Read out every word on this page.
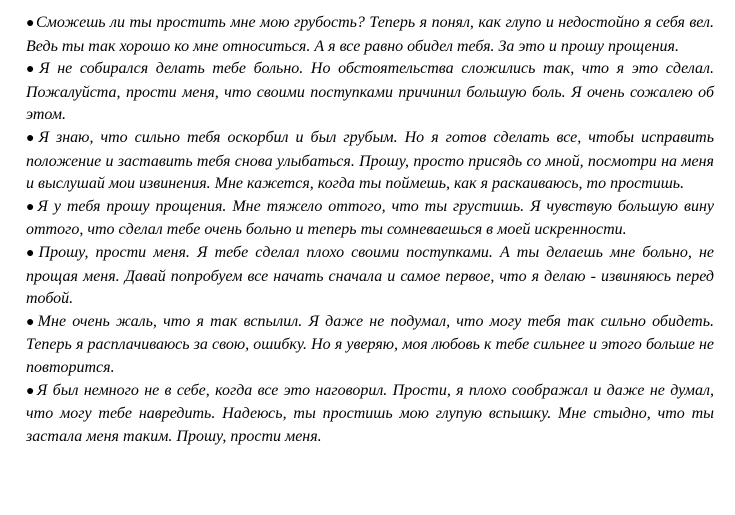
●Сможешь ли ты простить мне мою грубость? Теперь я понял, как глупо и недостойно я себя вел. Ведь ты так хорошо ко мне относиться. А я все равно обидел тебя. За это и прошу прощения.

●Я не собирался делать тебе больно. Но обстоятельства сложились так, что я это сделал. Пожалуйста, прости меня, что своими поступками причинил большую боль. Я очень сожалею об этом.

●Я знаю, что сильно тебя оскорбил и был грубым. Но я готов сделать все, чтобы исправить положение и заставить тебя снова улыбаться. Прошу, просто присядь со мной, посмотри на меня и выслушай мои извинения. Мне кажется, когда ты поймешь, как я раскаиваюсь, то простишь.

●Я у тебя прошу прощения. Мне тяжело оттого, что ты грустишь. Я чувствую большую вину оттого, что сделал тебе очень больно и теперь ты сомневаешься в моей искренности.

●Прошу, прости меня. Я тебе сделал плохо своими поступками. А ты делаешь мне больно, не прощая меня. Давай попробуем все начать сначала и самое первое, что я делаю - извиняюсь перед тобой.

●Мне очень жаль, что я так вспылил. Я даже не подумал, что могу тебя так сильно обидеть. Теперь я расплачиваюсь за свою, ошибку. Но я уверяю, моя любовь к тебе сильнее и этого больше не повторится.

●Я был немного не в себе, когда все это наговорил. Прости, я плохо соображал и даже не думал, что могу тебе навредить. Надеюсь, ты простишь мою глупую вспышку. Мне стыдно, что ты застала меня таким. Прошу, прости меня.
